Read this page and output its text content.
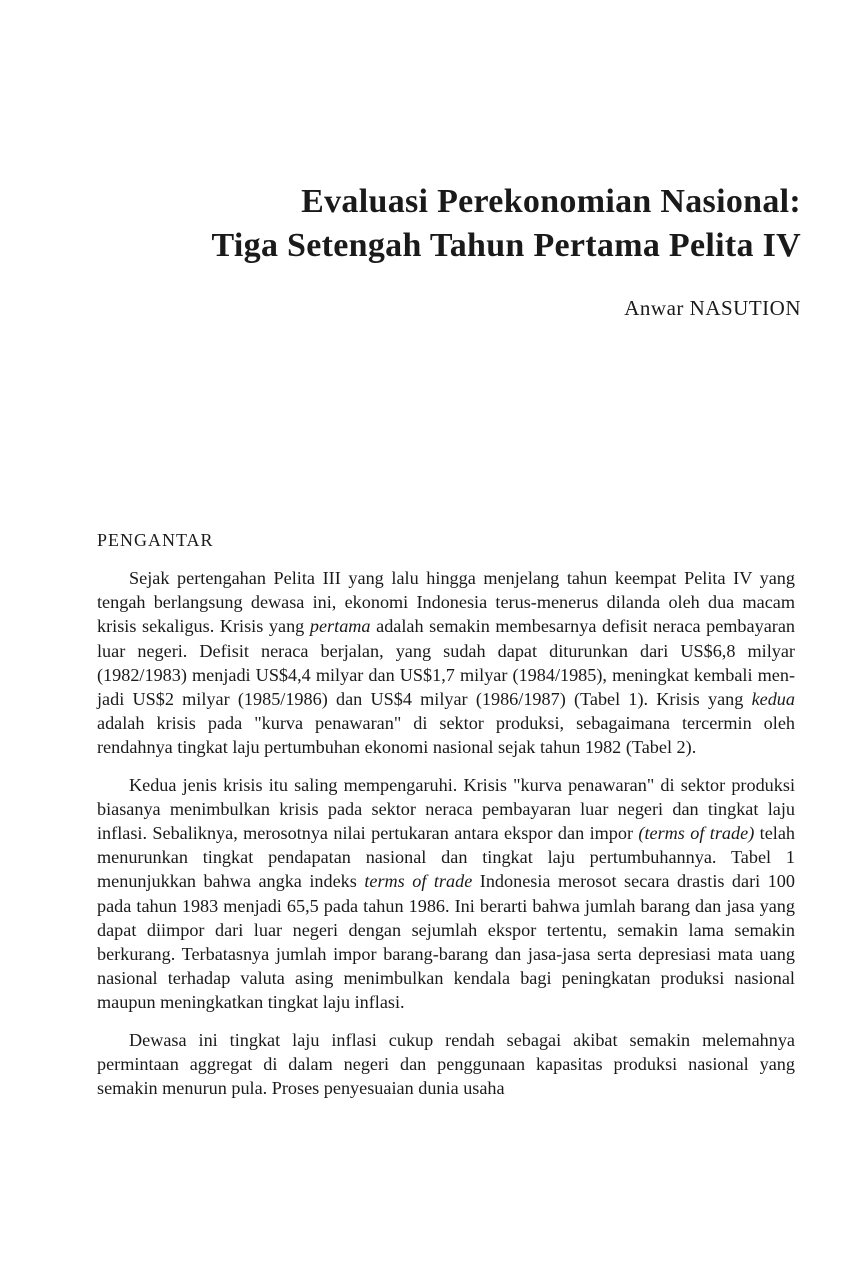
Evaluasi Perekonomian Nasional:
Tiga Setengah Tahun Pertama Pelita IV

Anwar NASUTION

PENGANTAR

Sejak pertengahan Pelita III yang lalu hingga menjelang tahun keempat Pelita IV yang tengah berlangsung dewasa ini, ekonomi Indonesia terus-menerus dilanda oleh dua macam krisis sekaligus. Krisis yang pertama adalah semakin membesarnya defisit neraca pembayaran luar negeri. Defisit neraca berjalan, yang sudah dapat diturunkan dari US$6,8 milyar (1982/1983) menjadi US$4,4 milyar dan US$1,7 milyar (1984/1985), meningkat kembali menjadi US$2 milyar (1985/1986) dan US$4 milyar (1986/1987) (Tabel 1). Krisis yang kedua adalah krisis pada "kurva penawaran" di sektor produksi, sebagaimana tercermin oleh rendahnya tingkat laju pertumbuhan ekonomi nasional sejak tahun 1982 (Tabel 2).

Kedua jenis krisis itu saling mempengaruhi. Krisis "kurva penawaran" di sektor produksi biasanya menimbulkan krisis pada sektor neraca pembayaran luar negeri dan tingkat laju inflasi. Sebaliknya, merosotnya nilai pertukaran antara ekspor dan impor (terms of trade) telah menurunkan tingkat pendapatan nasional dan tingkat laju pertumbuhannya. Tabel 1 menunjukkan bahwa angka indeks terms of trade Indonesia merosot secara drastis dari 100 pada tahun 1983 menjadi 65,5 pada tahun 1986. Ini berarti bahwa jumlah barang dan jasa yang dapat diimpor dari luar negeri dengan sejumlah ekspor tertentu, semakin lama semakin berkurang. Terbatasnya jumlah impor barang-barang dan jasa-jasa serta depresiasi mata uang nasional terhadap valuta asing menimbulkan kendala bagi peningkatan produksi nasional maupun meningkatkan tingkat laju inflasi.

Dewasa ini tingkat laju inflasi cukup rendah sebagai akibat semakin melemahnya permintaan aggregat di dalam negeri dan penggunaan kapasitas produksi nasional yang semakin menurun pula. Proses penyesuaian dunia usaha
